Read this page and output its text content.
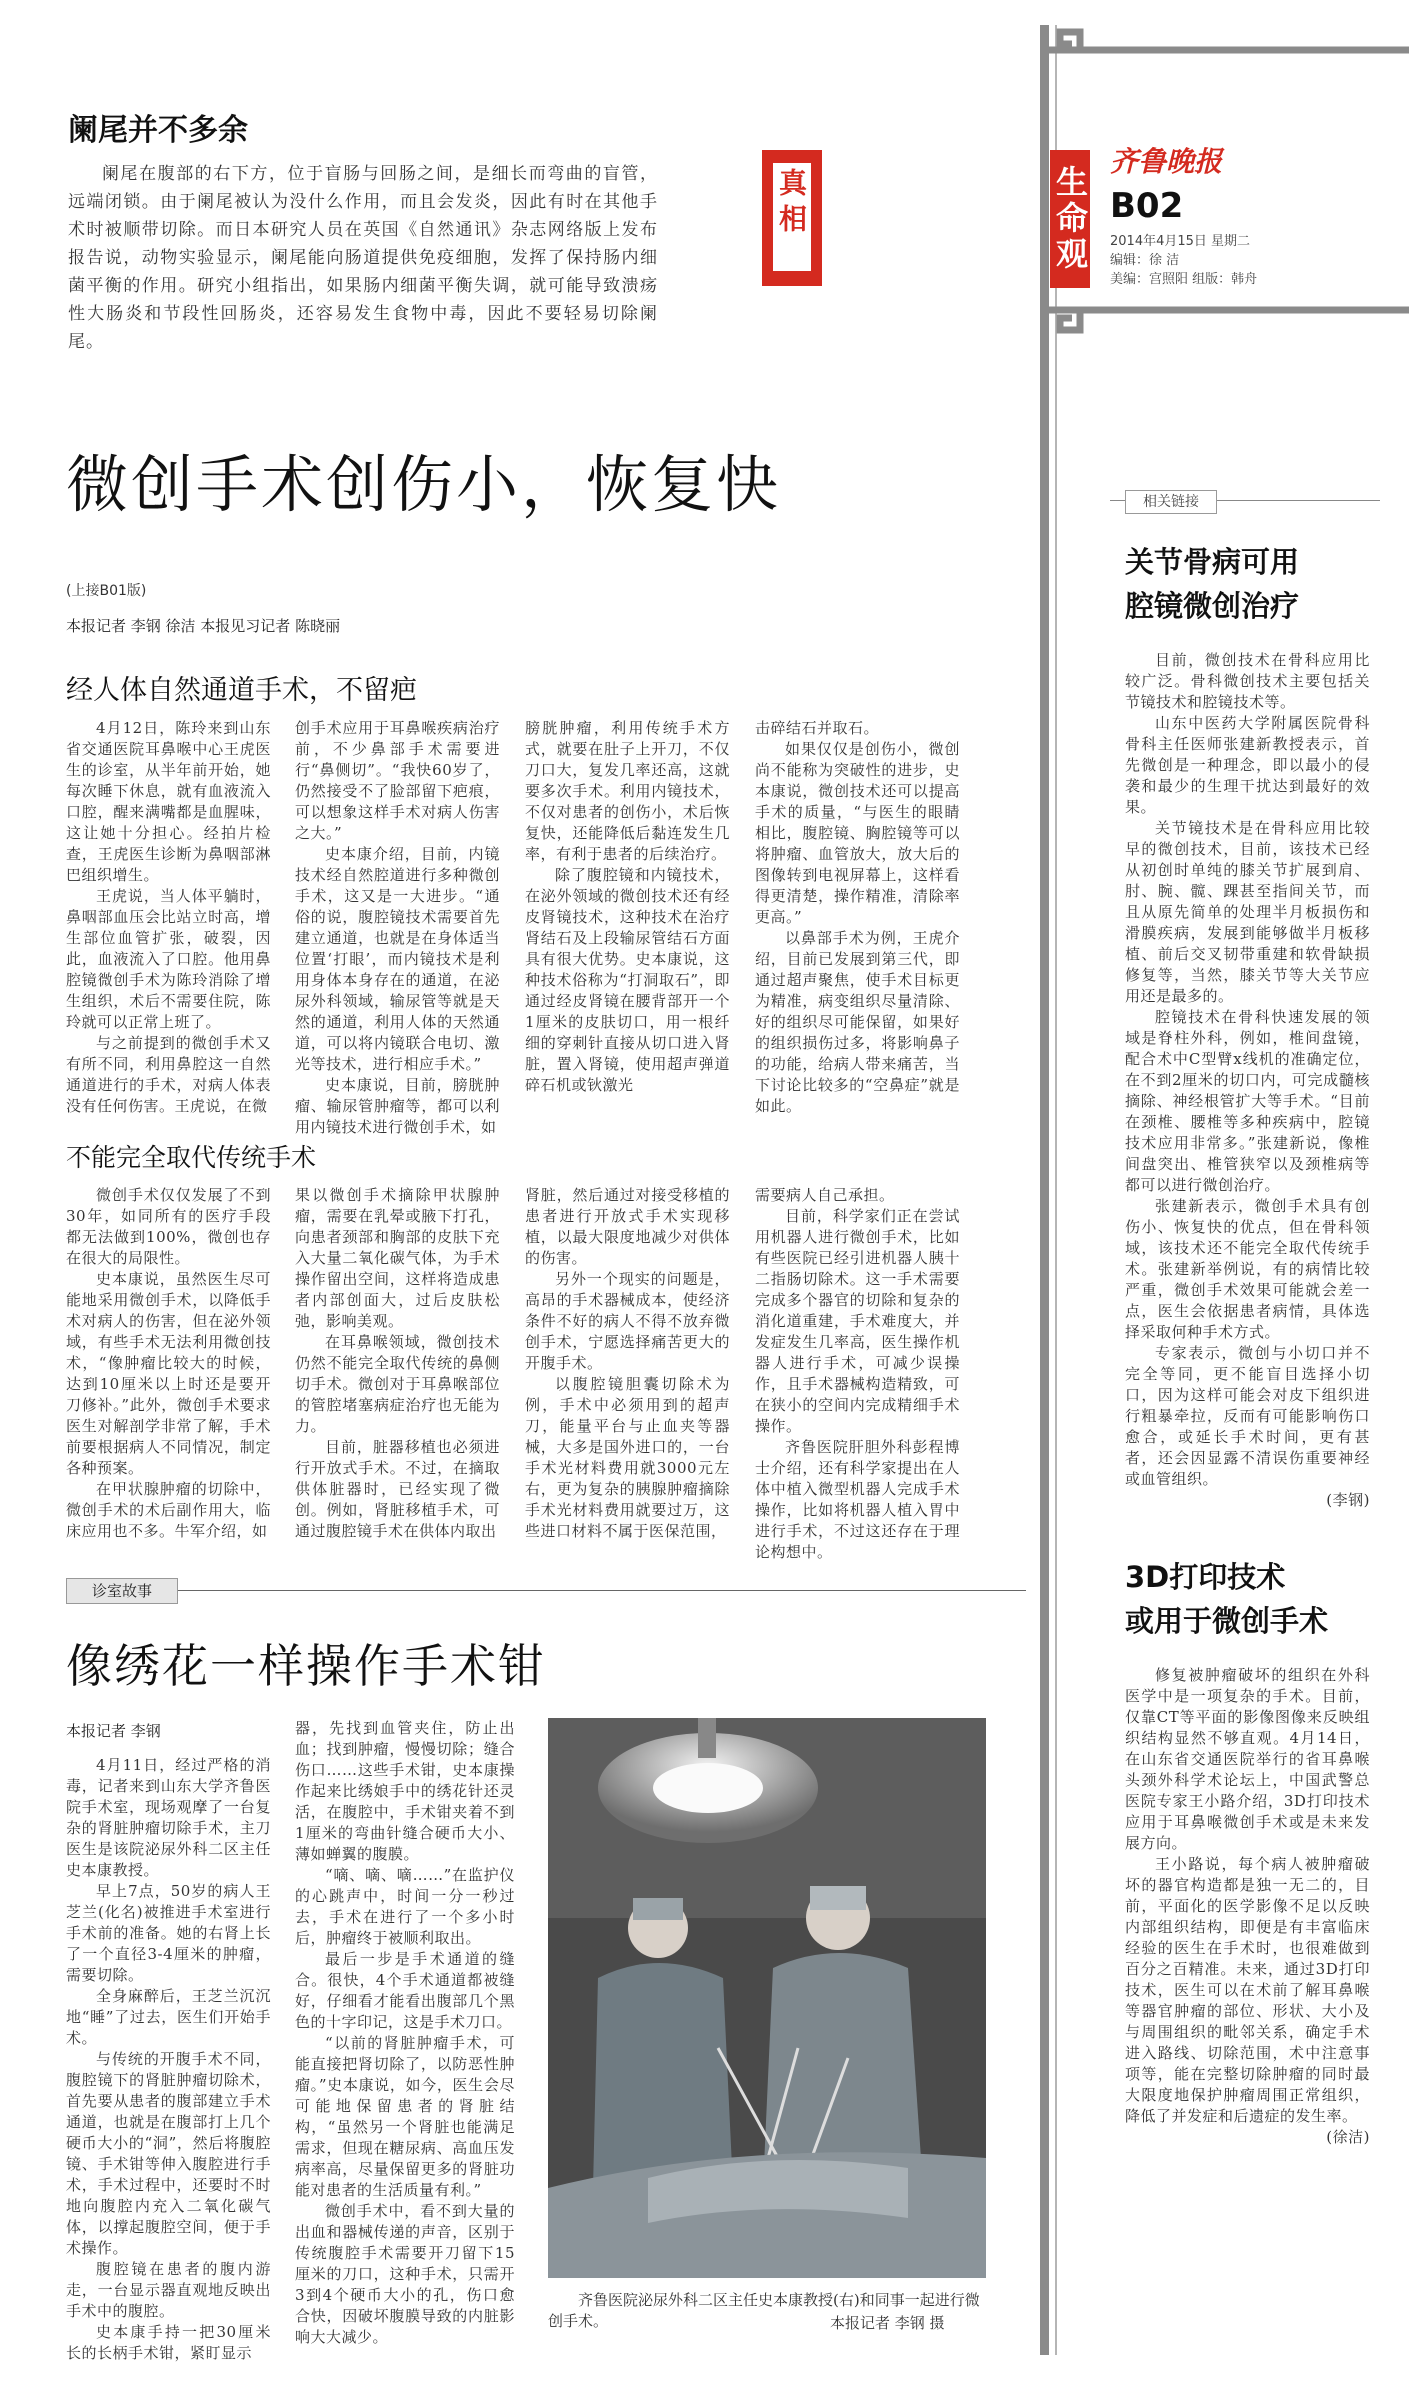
生命观
齐鲁晚报
B02
2014年4月15日 星期二
编辑：徐 洁
美编：宫照阳 组版：韩舟
阑尾并不多余
阑尾在腹部的右下方，位于盲肠与回肠之间，是细长而弯曲的盲管，远端闭锁。由于阑尾被认为没什么作用，而且会发炎，因此有时在其他手术时被顺带切除。而日本研究人员在英国《自然通讯》杂志网络版上发布报告说，动物实验显示，阑尾能向肠道提供免疫细胞，发挥了保持肠内细菌平衡的作用。研究小组指出，如果肠内细菌平衡失调，就可能导致溃疡性大肠炎和节段性回肠炎，还容易发生食物中毒，因此不要轻易切除阑尾。
真相
微创手术创伤小，恢复快
(上接B01版)
本报记者 李钢 徐洁 本报见习记者 陈晓丽
经人体自然通道手术，不留疤

4月12日，陈玲来到山东省交通医院耳鼻喉中心王虎医生的诊室，从半年前开始，她每次睡下休息，就有血液流入口腔，醒来满嘴都是血腥味，这让她十分担心。经拍片检查，王虎医生诊断为鼻咽部淋巴组织增生。

王虎说，当人体平躺时，鼻咽部血压会比站立时高，增生部位血管扩张，破裂，因此，血液流入了口腔。他用鼻腔镜微创手术为陈玲消除了增生组织，术后不需要住院，陈玲就可以正常上班了。

与之前提到的微创手术又有所不同，利用鼻腔这一自然通道进行的手术，对病人体表没有任何伤害。王虎说，在微

创手术应用于耳鼻喉疾病治疗前，不少鼻部手术需要进行“鼻侧切”。“我快60岁了，仍然接受不了脸部留下疤痕，可以想象这样手术对病人伤害之大。”

史本康介绍，目前，内镜技术经自然腔道进行多种微创手术，这又是一大进步。“通俗的说，腹腔镜技术需要首先建立通道，也就是在身体适当位置‘打眼’，而内镜技术是利用身体本身存在的通道，在泌尿外科领域，输尿管等就是天然的通道，利用人体的天然通道，可以将内镜联合电切、激光等技术，进行相应手术。”

史本康说，目前，膀胱肿瘤、输尿管肿瘤等，都可以利用内镜技术进行微创手术，如

膀胱肿瘤，利用传统手术方式，就要在肚子上开刀，不仅刀口大，复发几率还高，这就要多次手术。利用内镜技术，不仅对患者的创伤小，术后恢复快，还能降低后黏连发生几率，有利于患者的后续治疗。

除了腹腔镜和内镜技术，在泌外领域的微创技术还有经皮肾镜技术，这种技术在治疗肾结石及上段输尿管结石方面具有很大优势。史本康说，这种技术俗称为“打洞取石”，即通过经皮肾镜在腰背部开一个1厘米的皮肤切口，用一根纤细的穿刺针直接从切口进入肾脏，置入肾镜，使用超声弹道碎石机或钬激光

击碎结石并取石。

如果仅仅是创伤小，微创尚不能称为突破性的进步，史本康说，微创技术还可以提高手术的质量，“与医生的眼睛相比，腹腔镜、胸腔镜等可以将肿瘤、血管放大，放大后的图像转到电视屏幕上，这样看得更清楚，操作精准，清除率更高。”

以鼻部手术为例，王虎介绍，目前已发展到第三代，即通过超声聚焦，使手术目标更为精准，病变组织尽量清除、好的组织尽可能保留，如果好的组织损伤过多，将影响鼻子的功能，给病人带来痛苦，当下讨论比较多的“空鼻症”就是如此。

不能完全取代传统手术

微创手术仅仅发展了不到30年，如同所有的医疗手段都无法做到100%，微创也存在很大的局限性。

史本康说，虽然医生尽可能地采用微创手术，以降低手术对病人的伤害，但在泌外领域，有些手术无法利用微创技术，“像肿瘤比较大的时候，达到10厘米以上时还是要开刀修补。”此外，微创手术要求医生对解剖学非常了解，手术前要根据病人不同情况，制定各种预案。

在甲状腺肿瘤的切除中，微创手术的术后副作用大，临床应用也不多。牛军介绍，如

果以微创手术摘除甲状腺肿瘤，需要在乳晕或腋下打孔，向患者颈部和胸部的皮肤下充入大量二氧化碳气体，为手术操作留出空间，这样将造成患者内部创面大，过后皮肤松弛，影响美观。

在耳鼻喉领域，微创技术仍然不能完全取代传统的鼻侧切手术。微创对于耳鼻喉部位的管腔堵塞病症治疗也无能为力。

目前，脏器移植也必须进行开放式手术。不过，在摘取供体脏器时，已经实现了微创。例如，肾脏移植手术，可通过腹腔镜手术在供体内取出

肾脏，然后通过对接受移植的患者进行开放式手术实现移植，以最大限度地减少对供体的伤害。

另外一个现实的问题是，高昂的手术器械成本，使经济条件不好的病人不得不放弃微创手术，宁愿选择痛苦更大的开腹手术。

以腹腔镜胆囊切除术为例，手术中必须用到的超声刀，能量平台与止血夹等器械，大多是国外进口的，一台手术光材料费用就3000元左右，更为复杂的胰腺肿瘤摘除手术光材料费用就要过万，这些进口材料不属于医保范围，

需要病人自己承担。

目前，科学家们正在尝试用机器人进行微创手术，比如有些医院已经引进机器人胰十二指肠切除术。这一手术需要完成多个器官的切除和复杂的消化道重建，手术难度大，并发症发生几率高，医生操作机器人进行手术，可减少误操作，且手术器械构造精致，可在狭小的空间内完成精细手术操作。

齐鲁医院肝胆外科彭程博士介绍，还有科学家提出在人体中植入微型机器人完成手术操作，比如将机器人植入胃中进行手术，不过这还存在于理论构想中。

诊室故事
像绣花一样操作手术钳
本报记者 李钢

4月11日，经过严格的消毒，记者来到山东大学齐鲁医院手术室，现场观摩了一台复杂的肾脏肿瘤切除手术，主刀医生是该院泌尿外科二区主任史本康教授。

早上7点，50岁的病人王芝兰(化名)被推进手术室进行手术前的准备。她的右肾上长了一个直径3-4厘米的肿瘤，需要切除。

全身麻醉后，王芝兰沉沉地“睡”了过去，医生们开始手术。

与传统的开腹手术不同，腹腔镜下的肾脏肿瘤切除术，首先要从患者的腹部建立手术通道，也就是在腹部打上几个硬币大小的“洞”，然后将腹腔镜、手术钳等伸入腹腔进行手术，手术过程中，还要时不时地向腹腔内充入二氧化碳气体，以撑起腹腔空间，便于手术操作。

腹腔镜在患者的腹内游走，一台显示器直观地反映出手术中的腹腔。

史本康手持一把30厘米长的长柄手术钳，紧盯显示

器，先找到血管夹住，防止出血；找到肿瘤，慢慢切除；缝合伤口……这些手术钳，史本康操作起来比绣娘手中的绣花针还灵活，在腹腔中，手术钳夹着不到1厘米的弯曲针缝合硬币大小、薄如蝉翼的腹膜。

“嘀、嘀、嘀……”在监护仪的心跳声中，时间一分一秒过去，手术在进行了一个多小时后，肿瘤终于被顺利取出。

最后一步是手术通道的缝合。很快，4个手术通道都被缝好，仔细看才能看出腹部几个黑色的十字印记，这是手术刀口。

“以前的肾脏肿瘤手术，可能直接把肾切除了，以防恶性肿瘤。”史本康说，如今，医生会尽可能地保留患者的肾脏结构，“虽然另一个肾脏也能满足需求，但现在糖尿病、高血压发病率高，尽量保留更多的肾脏功能对患者的生活质量有利。”

微创手术中，看不到大量的出血和器械传递的声音，区别于传统腹腔手术需要开刀留下15厘米的刀口，这种手术，只需开3到4个硬币大小的孔，伤口愈合快，因破坏腹膜导致的内脏影响大大减少。

齐鲁医院泌尿外科二区主任史本康教授(右)和同事一起进行微创手术。	本报记者 李钢 摄
相关链接
关节骨病可用
腔镜微创治疗

目前，微创技术在骨科应用比较广泛。骨科微创技术主要包括关节镜技术和腔镜技术等。

山东中医药大学附属医院骨科骨科主任医师张建新教授表示，首先微创是一种理念，即以最小的侵袭和最少的生理干扰达到最好的效果。

关节镜技术是在骨科应用比较早的微创技术，目前，该技术已经从初创时单纯的膝关节扩展到肩、肘、腕、髋、踝甚至指间关节，而且从原先简单的处理半月板损伤和滑膜疾病，发展到能够做半月板移植、前后交叉韧带重建和软骨缺损修复等，当然，膝关节等大关节应用还是最多的。

腔镜技术在骨科快速发展的领域是脊柱外科，例如，椎间盘镜，配合术中C型臂x线机的准确定位，在不到2厘米的切口内，可完成髓核摘除、神经根管扩大等手术。“目前在颈椎、腰椎等多种疾病中，腔镜技术应用非常多。”张建新说，像椎间盘突出、椎管狭窄以及颈椎病等都可以进行微创治疗。

张建新表示，微创手术具有创伤小、恢复快的优点，但在骨科领域，该技术还不能完全取代传统手术。张建新举例说，有的病情比较严重，微创手术效果可能就会差一点，医生会依据患者病情，具体选择采取何种手术方式。

专家表示，微创与小切口并不完全等同，更不能盲目选择小切口，因为这样可能会对皮下组织进行粗暴牵拉，反而有可能影响伤口愈合，或延长手术时间，更有甚者，还会因显露不清误伤重要神经或血管组织。

(李钢)
3D打印技术
或用于微创手术

修复被肿瘤破坏的组织在外科医学中是一项复杂的手术。目前，仅靠CT等平面的影像图像来反映组织结构显然不够直观。4月14日，在山东省交通医院举行的省耳鼻喉头颈外科学术论坛上，中国武警总医院专家王小路介绍，3D打印技术应用于耳鼻喉微创手术或是未来发展方向。

王小路说，每个病人被肿瘤破坏的器官构造都是独一无二的，目前，平面化的医学影像不足以反映内部组织结构，即便是有丰富临床经验的医生在手术时，也很难做到百分之百精准。未来，通过3D打印技术，医生可以在术前了解耳鼻喉等器官肿瘤的部位、形状、大小及与周围组织的毗邻关系，确定手术进入路线、切除范围，术中注意事项等，能在完整切除肿瘤的同时最大限度地保护肿瘤周围正常组织，降低了并发症和后遗症的发生率。

(徐洁)
